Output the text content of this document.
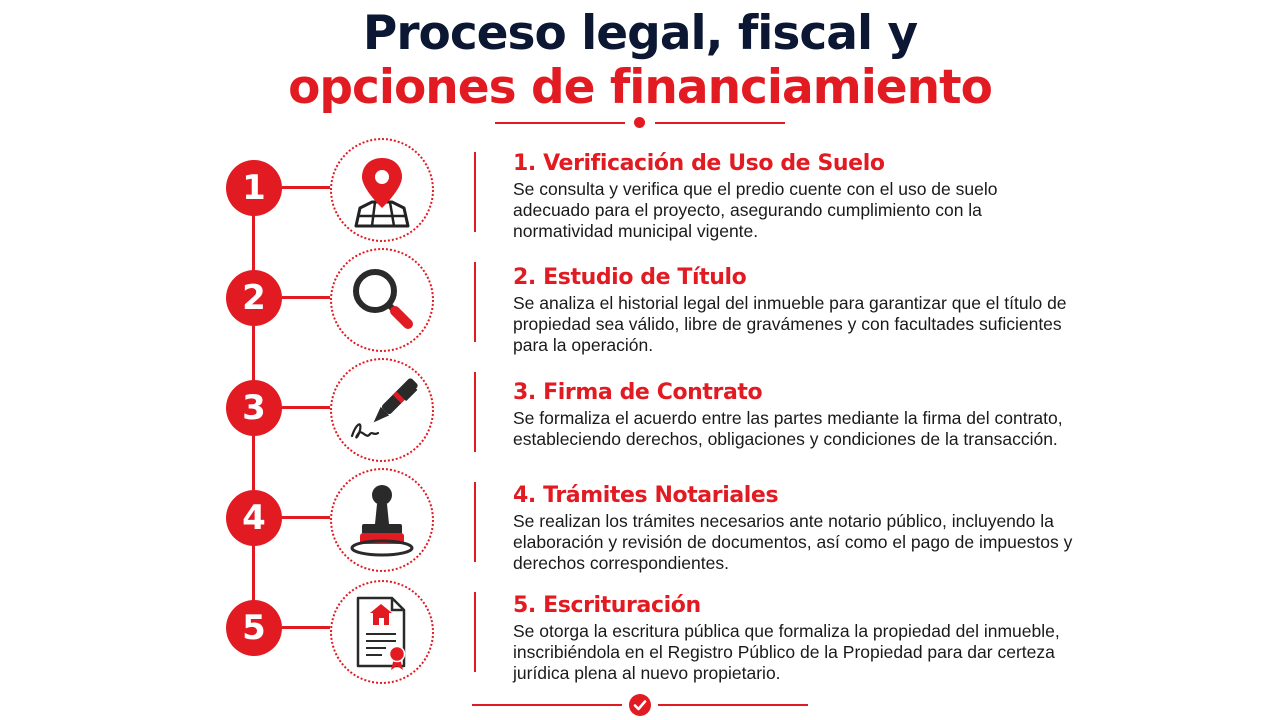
Proceso legal, fiscal y
opciones de financiamiento
1
1. Verificación de Uso de Suelo
Se consulta y verifica que el predio cuente con el uso de suelo adecuado para el proyecto, asegurando cumplimiento con la normatividad municipal vigente.
2
2. Estudio de Título
Se analiza el historial legal del inmueble para garantizar que el título de propiedad sea válido, libre de gravámenes y con facultades suficientes para la operación.
3	3. Firma de Contrato
Se formaliza el acuerdo entre las partes mediante la firma del contrato, estableciendo derechos, obligaciones y condiciones de la transacción.
4
4. Trámites Notariales
Se realizan los trámites necesarios ante notario público, incluyendo la elaboración y revisión de documentos, así como el pago de impuestos y derechos correspondientes.
5
5. Escrituración
Se otorga la escritura pública que formaliza la propiedad del inmueble, inscribiéndola en el Registro Público de la Propiedad para dar certeza jurídica plena al nuevo propietario.
